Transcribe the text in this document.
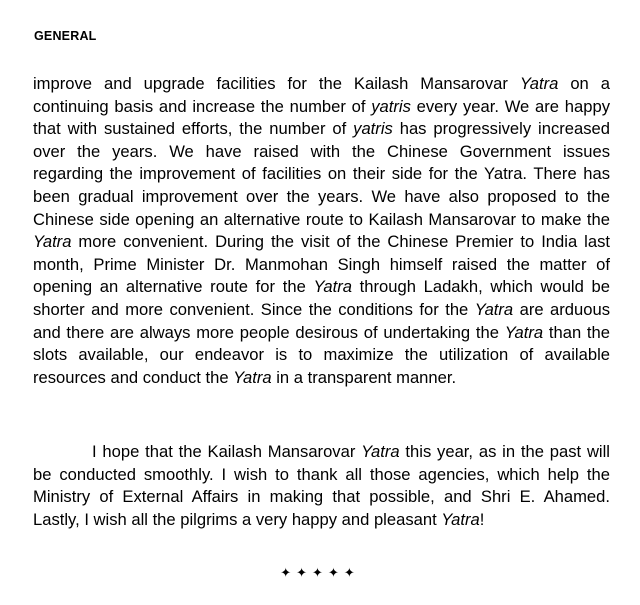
GENERAL

improve and upgrade facilities for the Kailash Mansarovar Yatra on a continuing basis and increase the number of yatris every year. We are happy that with sustained efforts, the number of yatris has progressively increased over the years. We have raised with the Chinese Government issues regarding the improvement of facilities on their side for the Yatra. There has been gradual improvement over the years. We have also proposed to the Chinese side opening an alternative route to Kailash Mansarovar to make the Yatra more convenient. During the visit of the Chinese Premier to India last month, Prime Minister Dr. Manmohan Singh himself raised the matter of opening an alternative route for the Yatra through Ladakh, which would be shorter and more convenient. Since the conditions for the Yatra are arduous and there are always more people desirous of undertaking the Yatra than the slots available, our endeavor is to maximize the utilization of available resources and conduct the Yatra in a transparent manner.

I hope that the Kailash Mansarovar Yatra this year, as in the past will be conducted smoothly. I wish to thank all those agencies, which help the Ministry of External Affairs in making that possible, and Shri E. Ahamed. Lastly, I wish all the pilgrims a very happy and pleasant Yatra!

✦✦✦✦✦
